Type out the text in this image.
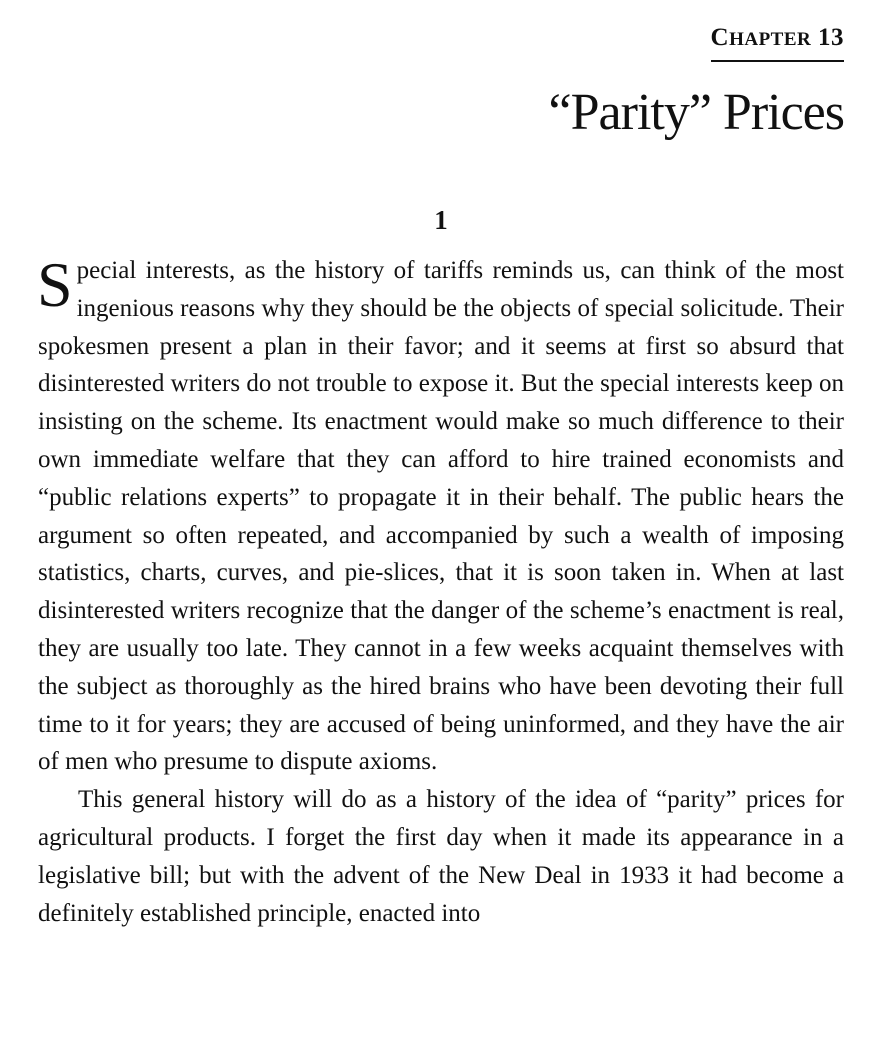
CHAPTER 13
“Parity” Prices
1

Special interests, as the history of tariffs reminds us, can think of the most ingenious reasons why they should be the objects of special solicitude. Their spokesmen present a plan in their favor; and it seems at first so absurd that disinterested writers do not trouble to expose it. But the special interests keep on insisting on the scheme. Its enactment would make so much difference to their own immediate welfare that they can afford to hire trained economists and “public relations experts” to propagate it in their behalf. The public hears the argument so often repeated, and accompanied by such a wealth of imposing statistics, charts, curves, and pie-slices, that it is soon taken in. When at last disinterested writers recognize that the danger of the scheme’s enactment is real, they are usually too late. They cannot in a few weeks acquaint themselves with the subject as thoroughly as the hired brains who have been devoting their full time to it for years; they are accused of being uninformed, and they have the air of men who presume to dispute axioms.

This general history will do as a history of the idea of “parity” prices for agricultural products. I forget the first day when it made its appearance in a legislative bill; but with the advent of the New Deal in 1933 it had become a definitely established principle, enacted into
